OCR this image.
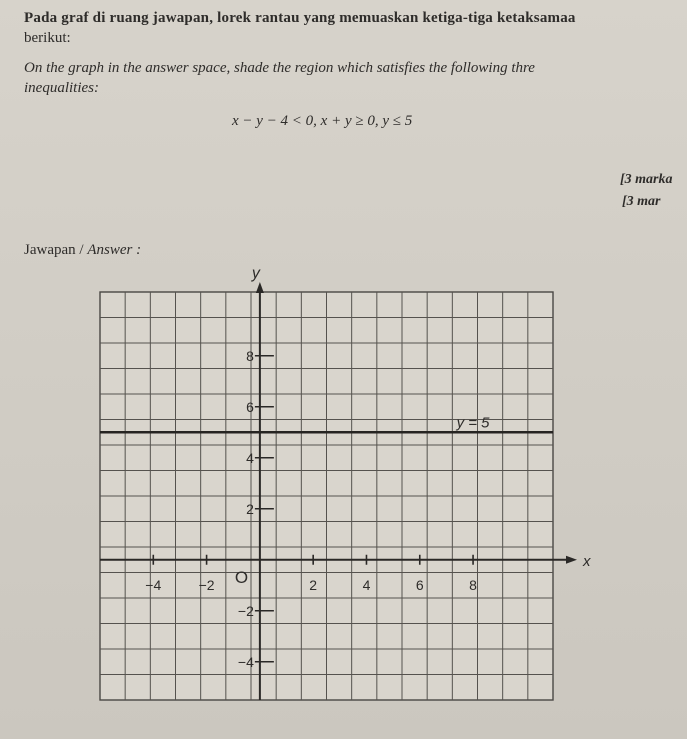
Pada graf di ruang jawapan, lorek rantau yang memuaskan ketiga-tiga ketaksamaa
berikut:
On the graph in the answer space, shade the region which satisfies the following thre
inequalities:
x − y − 4 < 0, x + y ≥ 0, y ≤ 5
[3 marka
[3 mar
Jawapan / Answer :
x
y
O
−4	−2	2	4	6	8
8
6
4
2
−2
−4
y = 5
